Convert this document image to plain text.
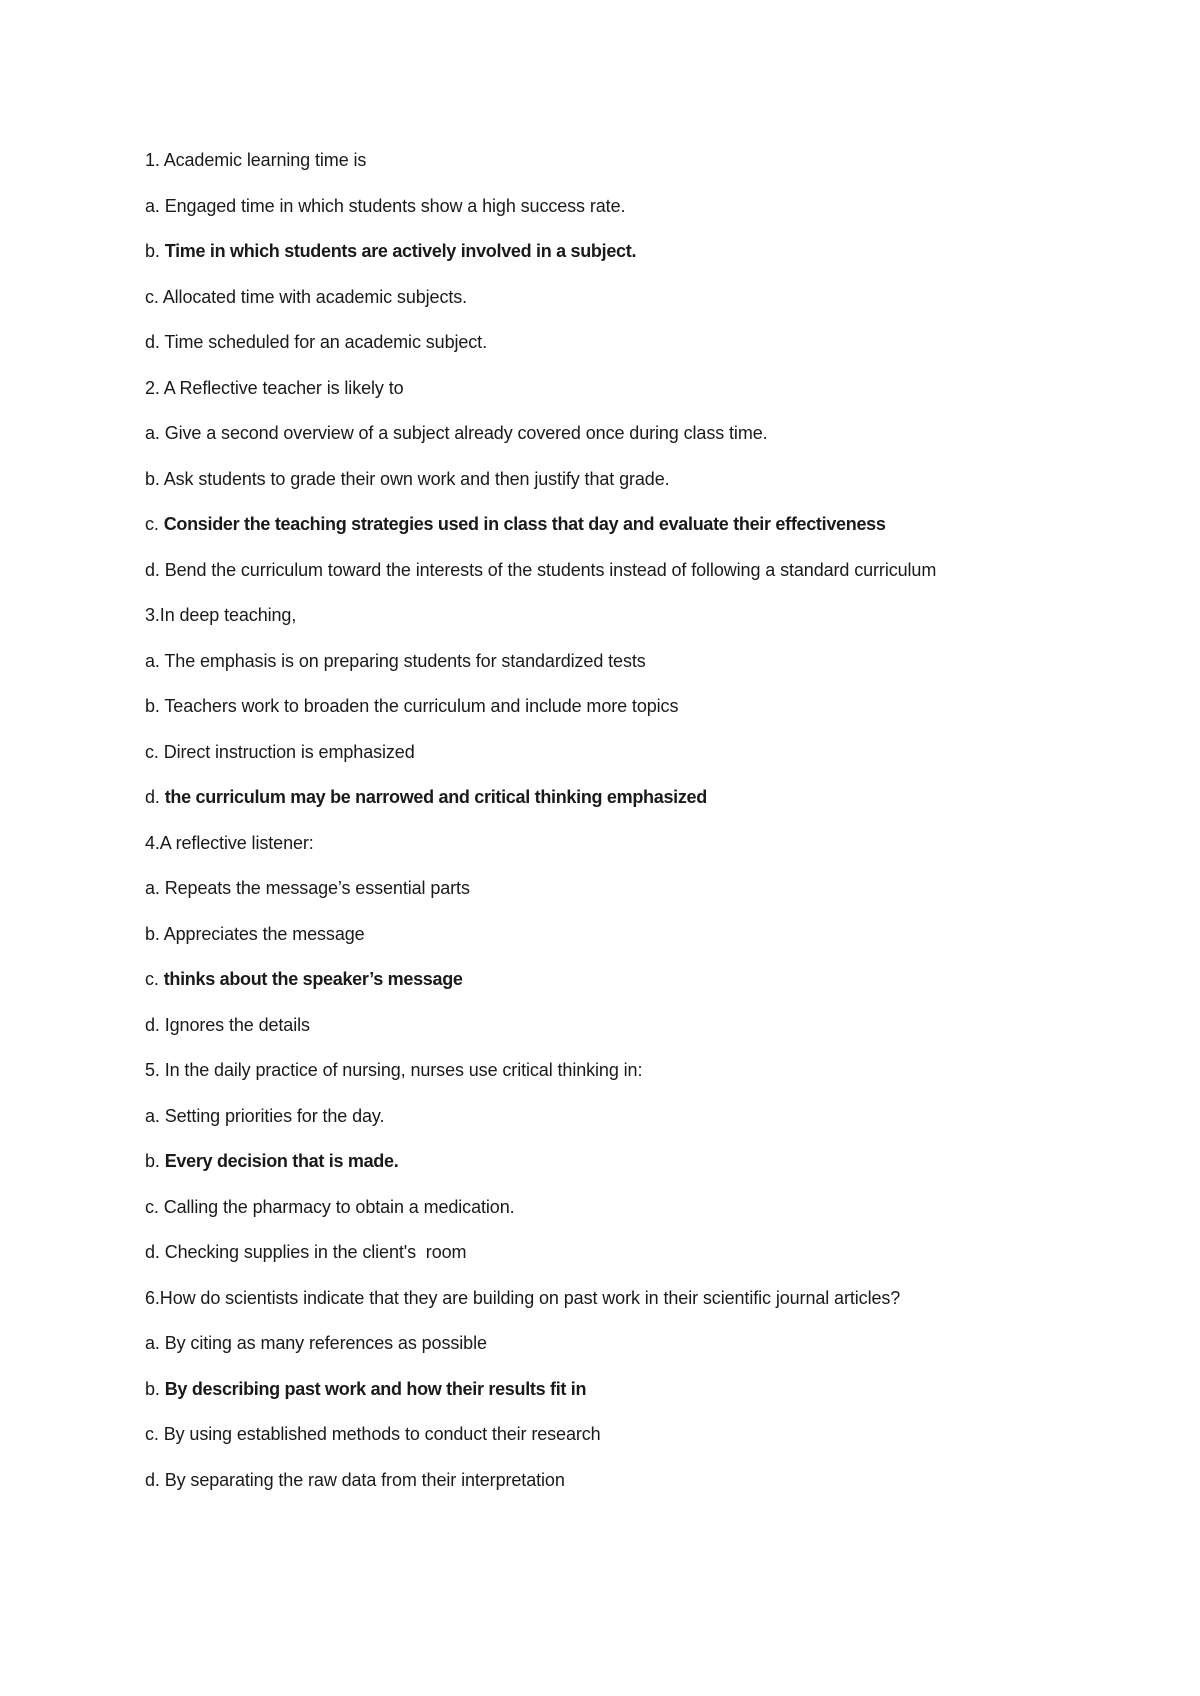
1. Academic learning time is

a. Engaged time in which students show a high success rate.

b. Time in which students are actively involved in a subject.

c. Allocated time with academic subjects.

d. Time scheduled for an academic subject.

2. A Reflective teacher is likely to

a. Give a second overview of a subject already covered once during class time.

b. Ask students to grade their own work and then justify that grade.

c. Consider the teaching strategies used in class that day and evaluate their effectiveness

d. Bend the curriculum toward the interests of the students instead of following a standard curriculum

3.In deep teaching,

a. The emphasis is on preparing students for standardized tests

b. Teachers work to broaden the curriculum and include more topics

c. Direct instruction is emphasized

d. the curriculum may be narrowed and critical thinking emphasized

4.A reflective listener:

a. Repeats the message’s essential parts

b. Appreciates the message

c. thinks about the speaker’s message

d. Ignores the details

5. In the daily practice of nursing, nurses use critical thinking in:

a. Setting priorities for the day.

b. Every decision that is made.

c. Calling the pharmacy to obtain a medication.

d. Checking supplies in the client's  room

6.How do scientists indicate that they are building on past work in their scientific journal articles?

a. By citing as many references as possible

b. By describing past work and how their results fit in

c. By using established methods to conduct their research

d. By separating the raw data from their interpretation
